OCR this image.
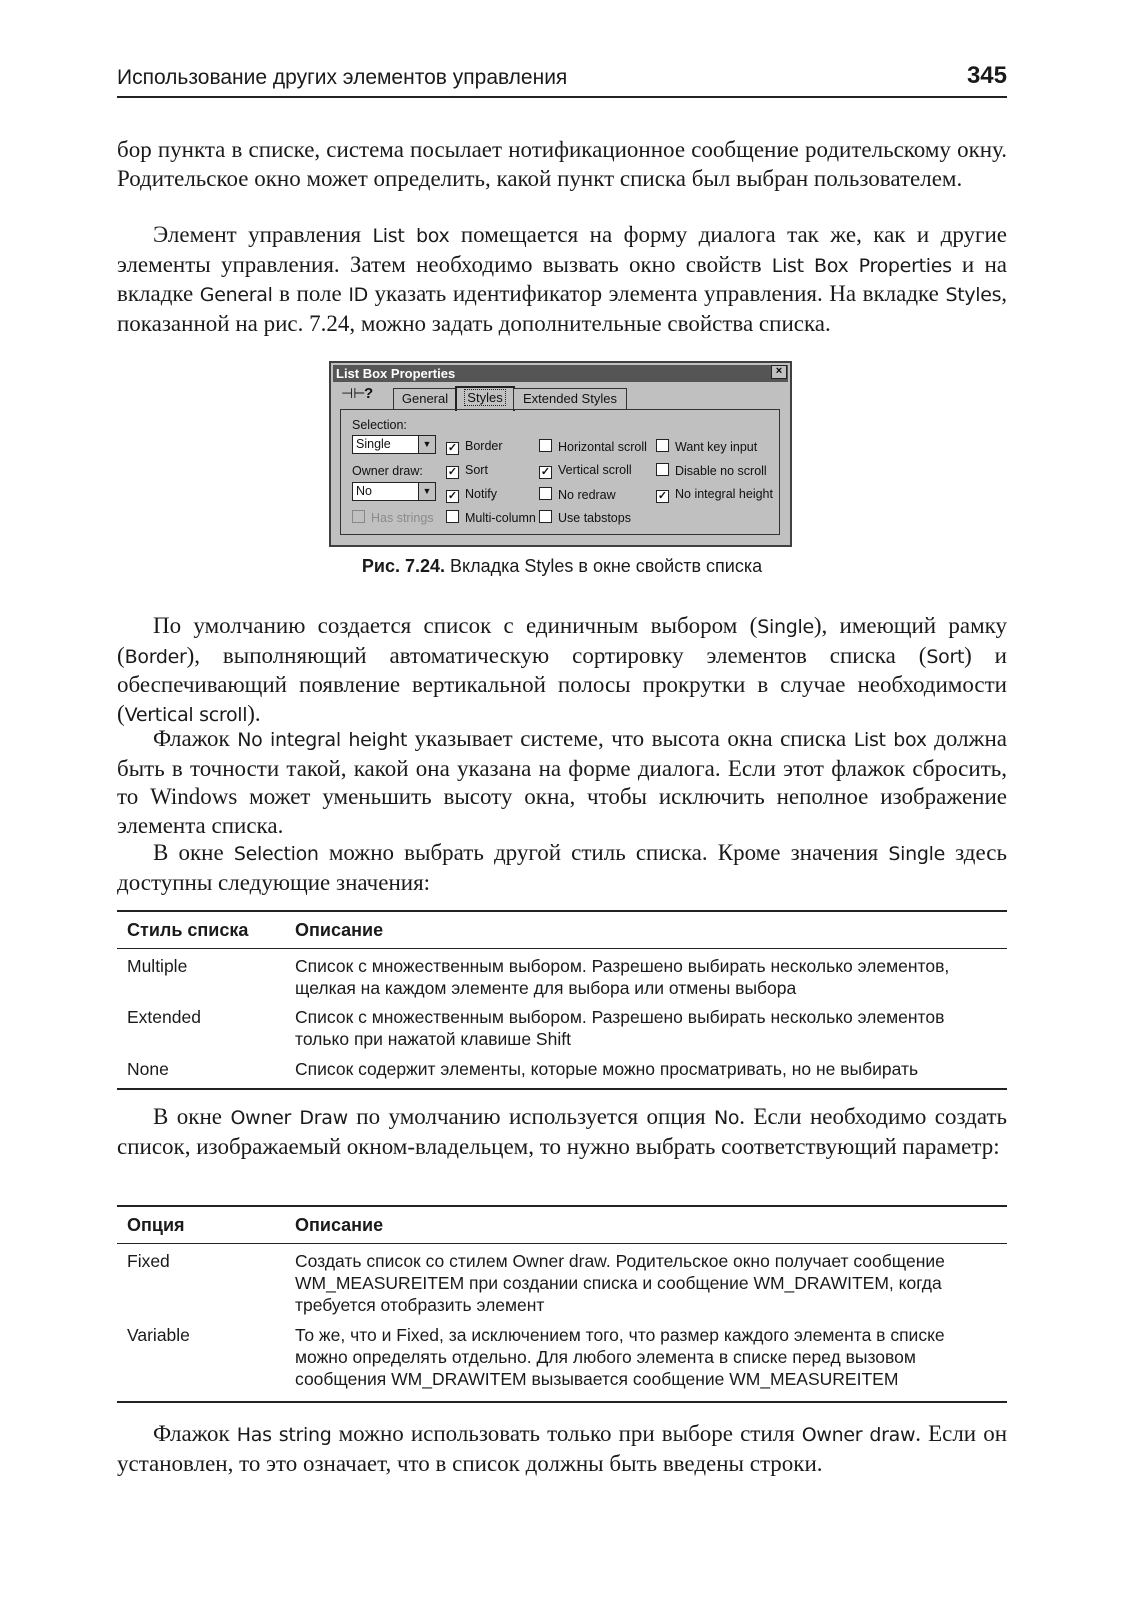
Использование других элементов управления	345

бор пункта в списке, система посылает нотификационное сообщение родительскому окну. Родительское окно может определить, какой пункт списка был выбран пользователем.

Элемент управления List box помещается на форму диалога так же, как и другие элементы управления. Затем необходимо вызвать окно свойств List Box Properties и на вкладке General в поле ID указать идентификатор элемента управления. На вкладке Styles, показанной на рис. 7.24, можно задать дополнительные свойства списка.

Рис. 7.24. Вкладка Styles в окне свойств списка

По умолчанию создается список с единичным выбором (Single), имеющий рамку (Border), выполняющий автоматическую сортировку элементов списка (Sort) и обеспечивающий появление вертикальной полосы прокрутки в случае необходимости (Vertical scroll).

Флажок No integral height указывает системе, что высота окна списка List box должна быть в точности такой, какой она указана на форме диалога. Если этот флажок сбросить, то Windows может уменьшить высоту окна, чтобы исключить неполное изображение элемента списка.

В окне Selection можно выбрать другой стиль списка. Кроме значения Single здесь доступны следующие значения:

Стиль списка	Описание
Multiple	Список с множественным выбором. Разрешено выбирать несколько элементов, щелкая на каждом элементе для выбора или отмены выбора
Extended	Список с множественным выбором. Разрешено выбирать несколько элементов только при нажатой клавише Shift
None	Список содержит элементы, которые можно просматривать, но не выбирать

В окне Owner Draw по умолчанию используется опция No. Если необходимо создать список, изображаемый окном-владельцем, то нужно выбрать соответствующий параметр:

Опция	Описание
Fixed	Создать список со стилем Owner draw. Родительское окно получает сообщение WM_MEASUREITEM при создании списка и сообщение WM_DRAWITEM, когда требуется отобразить элемент
Variable	То же, что и Fixed, за исключением того, что размер каждого элемента в списке можно определять отдельно. Для любого элемента в списке перед вызовом сообщения WM_DRAWITEM вызывается сообщение WM_MEASUREITEM

Флажок Has string можно использовать только при выборе стиля Owner draw. Если он установлен, то это означает, что в список должны быть введены строки.

List Box Properties	×
⊣⊢
?	General	Styles	Extended Styles
Selection:
Single	▼
Owner draw:
No	▼
Has strings
✓ Border
✓ Sort
✓ Notify
Multi-column
Horizontal scroll
✓ Vertical scroll
No redraw
Use tabstops
Want key input
Disable no scroll
✓ No integral height
